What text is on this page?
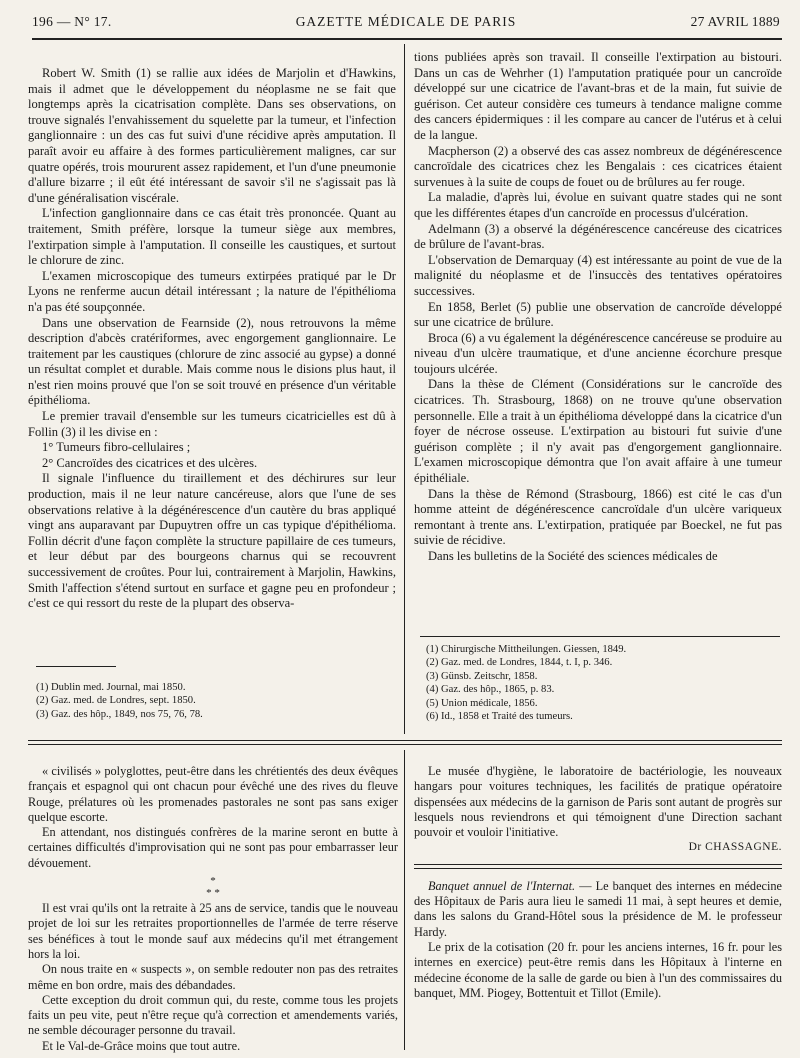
196 — N° 17.	GAZETTE MÉDICALE DE PARIS	27 AVRIL 1889

Robert W. Smith (1) se rallie aux idées de Marjolin et d'Hawkins, mais il admet que le développement du néoplasme ne se fait que longtemps après la cicatrisation complète. Dans ses observations, on trouve signalés l'envahissement du squelette par la tumeur, et l'infection ganglionnaire : un des cas fut suivi d'une récidive après amputation. Il paraît avoir eu affaire à des formes particulièrement malignes, car sur quatre opérés, trois moururent assez rapidement, et l'un d'une pneumonie d'allure bizarre ; il eût été intéressant de savoir s'il ne s'agissait pas là d'une généralisation viscérale.

L'infection ganglionnaire dans ce cas était très prononcée. Quant au traitement, Smith préfère, lorsque la tumeur siège aux membres, l'extirpation simple à l'amputation. Il conseille les caustiques, et surtout le chlorure de zinc.

L'examen microscopique des tumeurs extirpées pratiqué par le Dr Lyons ne renferme aucun détail intéressant ; la nature de l'épithélioma n'a pas été soupçonnée.

Dans une observation de Fearnside (2), nous retrouvons la même description d'abcès cratériformes, avec engorgement ganglionnaire. Le traitement par les caustiques (chlorure de zinc associé au gypse) a donné un résultat complet et durable. Mais comme nous le disions plus haut, il n'est rien moins prouvé que l'on se soit trouvé en présence d'un véritable épithélioma.

Le premier travail d'ensemble sur les tumeurs cicatricielles est dû à Follin (3) il les divise en :

1° Tumeurs fibro-cellulaires ;

2° Cancroïdes des cicatrices et des ulcères.

Il signale l'influence du tiraillement et des déchirures sur leur production, mais il ne leur nature cancéreuse, alors que l'une de ses observations relative à la dégénérescence d'un cautère du bras appliqué vingt ans auparavant par Dupuytren offre un cas typique d'épithélioma. Follin décrit d'une façon complète la structure papillaire de ces tumeurs, et leur début par des bourgeons charnus qui se recouvrent successivement de croûtes. Pour lui, contrairement à Marjolin, Hawkins, Smith l'affection s'étend surtout en surface et gagne peu en profondeur ; c'est ce qui ressort du reste de la plupart des observa-

(1) Dublin med. Journal, mai 1850.
(2) Gaz. med. de Londres, sept. 1850.
(3) Gaz. des hôp., 1849, nos 75, 76, 78.

tions publiées après son travail. Il conseille l'extirpation au bistouri. Dans un cas de Wehrher (1) l'amputation pratiquée pour un cancroïde développé sur une cicatrice de l'avant-bras et de la main, fut suivie de guérison. Cet auteur considère ces tumeurs à tendance maligne comme des cancers épidermiques : il les compare au cancer de l'utérus et à celui de la langue.

Macpherson (2) a observé des cas assez nombreux de dégénérescence cancroïdale des cicatrices chez les Bengalais : ces cicatrices étaient survenues à la suite de coups de fouet ou de brûlures au fer rouge.

La maladie, d'après lui, évolue en suivant quatre stades qui ne sont que les différentes étapes d'un cancroïde en processus d'ulcération.

Adelmann (3) a observé la dégénérescence cancéreuse des cicatrices de brûlure de l'avant-bras.

L'observation de Demarquay (4) est intéressante au point de vue de la malignité du néoplasme et de l'insuccès des tentatives opératoires successives.

En 1858, Berlet (5) publie une observation de cancroïde développé sur une cicatrice de brûlure.

Broca (6) a vu également la dégénérescence cancéreuse se produire au niveau d'un ulcère traumatique, et d'une ancienne écorchure presque toujours ulcérée.

Dans la thèse de Clément (Considérations sur le cancroïde des cicatrices. Th. Strasbourg, 1868) on ne trouve qu'une observation personnelle. Elle a trait à un épithélioma développé dans la cicatrice d'un foyer de nécrose osseuse. L'extirpation au bistouri fut suivie d'une guérison complète ; il n'y avait pas d'engorgement ganglionnaire. L'examen microscopique démontra que l'on avait affaire à une tumeur épithéliale.

Dans la thèse de Rémond (Strasbourg, 1866) est cité le cas d'un homme atteint de dégénérescence cancroïdale d'un ulcère variqueux remontant à trente ans. L'extirpation, pratiquée par Boeckel, ne fut pas suivie de récidive.

Dans les bulletins de la Société des sciences médicales de

(1) Chirurgische Mittheilungen. Giessen, 1849.
(2) Gaz. med. de Londres, 1844, t. I, p. 346.
(3) Günsb. Zeitschr, 1858.
(4) Gaz. des hôp., 1865, p. 83.
(5) Union médicale, 1856.
(6) Id., 1858 et Traité des tumeurs.

« civilisés » polyglottes, peut-être dans les chrétientés des deux évêques français et espagnol qui ont chacun pour évêché une des rives du fleuve Rouge, prélatures où les promenades pastorales ne sont pas sans exiger quelque escorte.

En attendant, nos distingués confrères de la marine seront en butte à certaines difficultés d'improvisation qui ne sont pas pour embarrasser leur dévouement.

*
* *

Il est vrai qu'ils ont la retraite à 25 ans de service, tandis que le nouveau projet de loi sur les retraites proportionnelles de l'armée de terre réserve ses bénéfices à tout le monde sauf aux médecins qu'il met étrangement hors la loi.

On nous traite en « suspects », on semble redouter non pas des retraites même en bon ordre, mais des débandades.

Cette exception du droit commun qui, du reste, comme tous les projets faits un peu vite, peut n'être reçue qu'à correction et amendements variés, ne semble décourager personne du travail.

Et le Val-de-Grâce moins que tout autre.

Le musée d'hygiène, le laboratoire de bactériologie, les nouveaux hangars pour voitures techniques, les facilités de pratique opératoire dispensées aux médecins de la garnison de Paris sont autant de progrès sur lesquels nous reviendrons et qui témoignent d'une Direction sachant pouvoir et vouloir l'initiative.

Dr CHASSAGNE.

Banquet annuel de l'Internat. — Le banquet des internes en médecine des Hôpitaux de Paris aura lieu le samedi 11 mai, à sept heures et demie, dans les salons du Grand-Hôtel sous la présidence de M. le professeur Hardy.

Le prix de la cotisation (20 fr. pour les anciens internes, 16 fr. pour les internes en exercice) peut-être remis dans les Hôpitaux à l'interne en médecine économe de la salle de garde ou bien à l'un des commissaires du banquet, MM. Piogey, Bottentuit et Tillot (Emile).
